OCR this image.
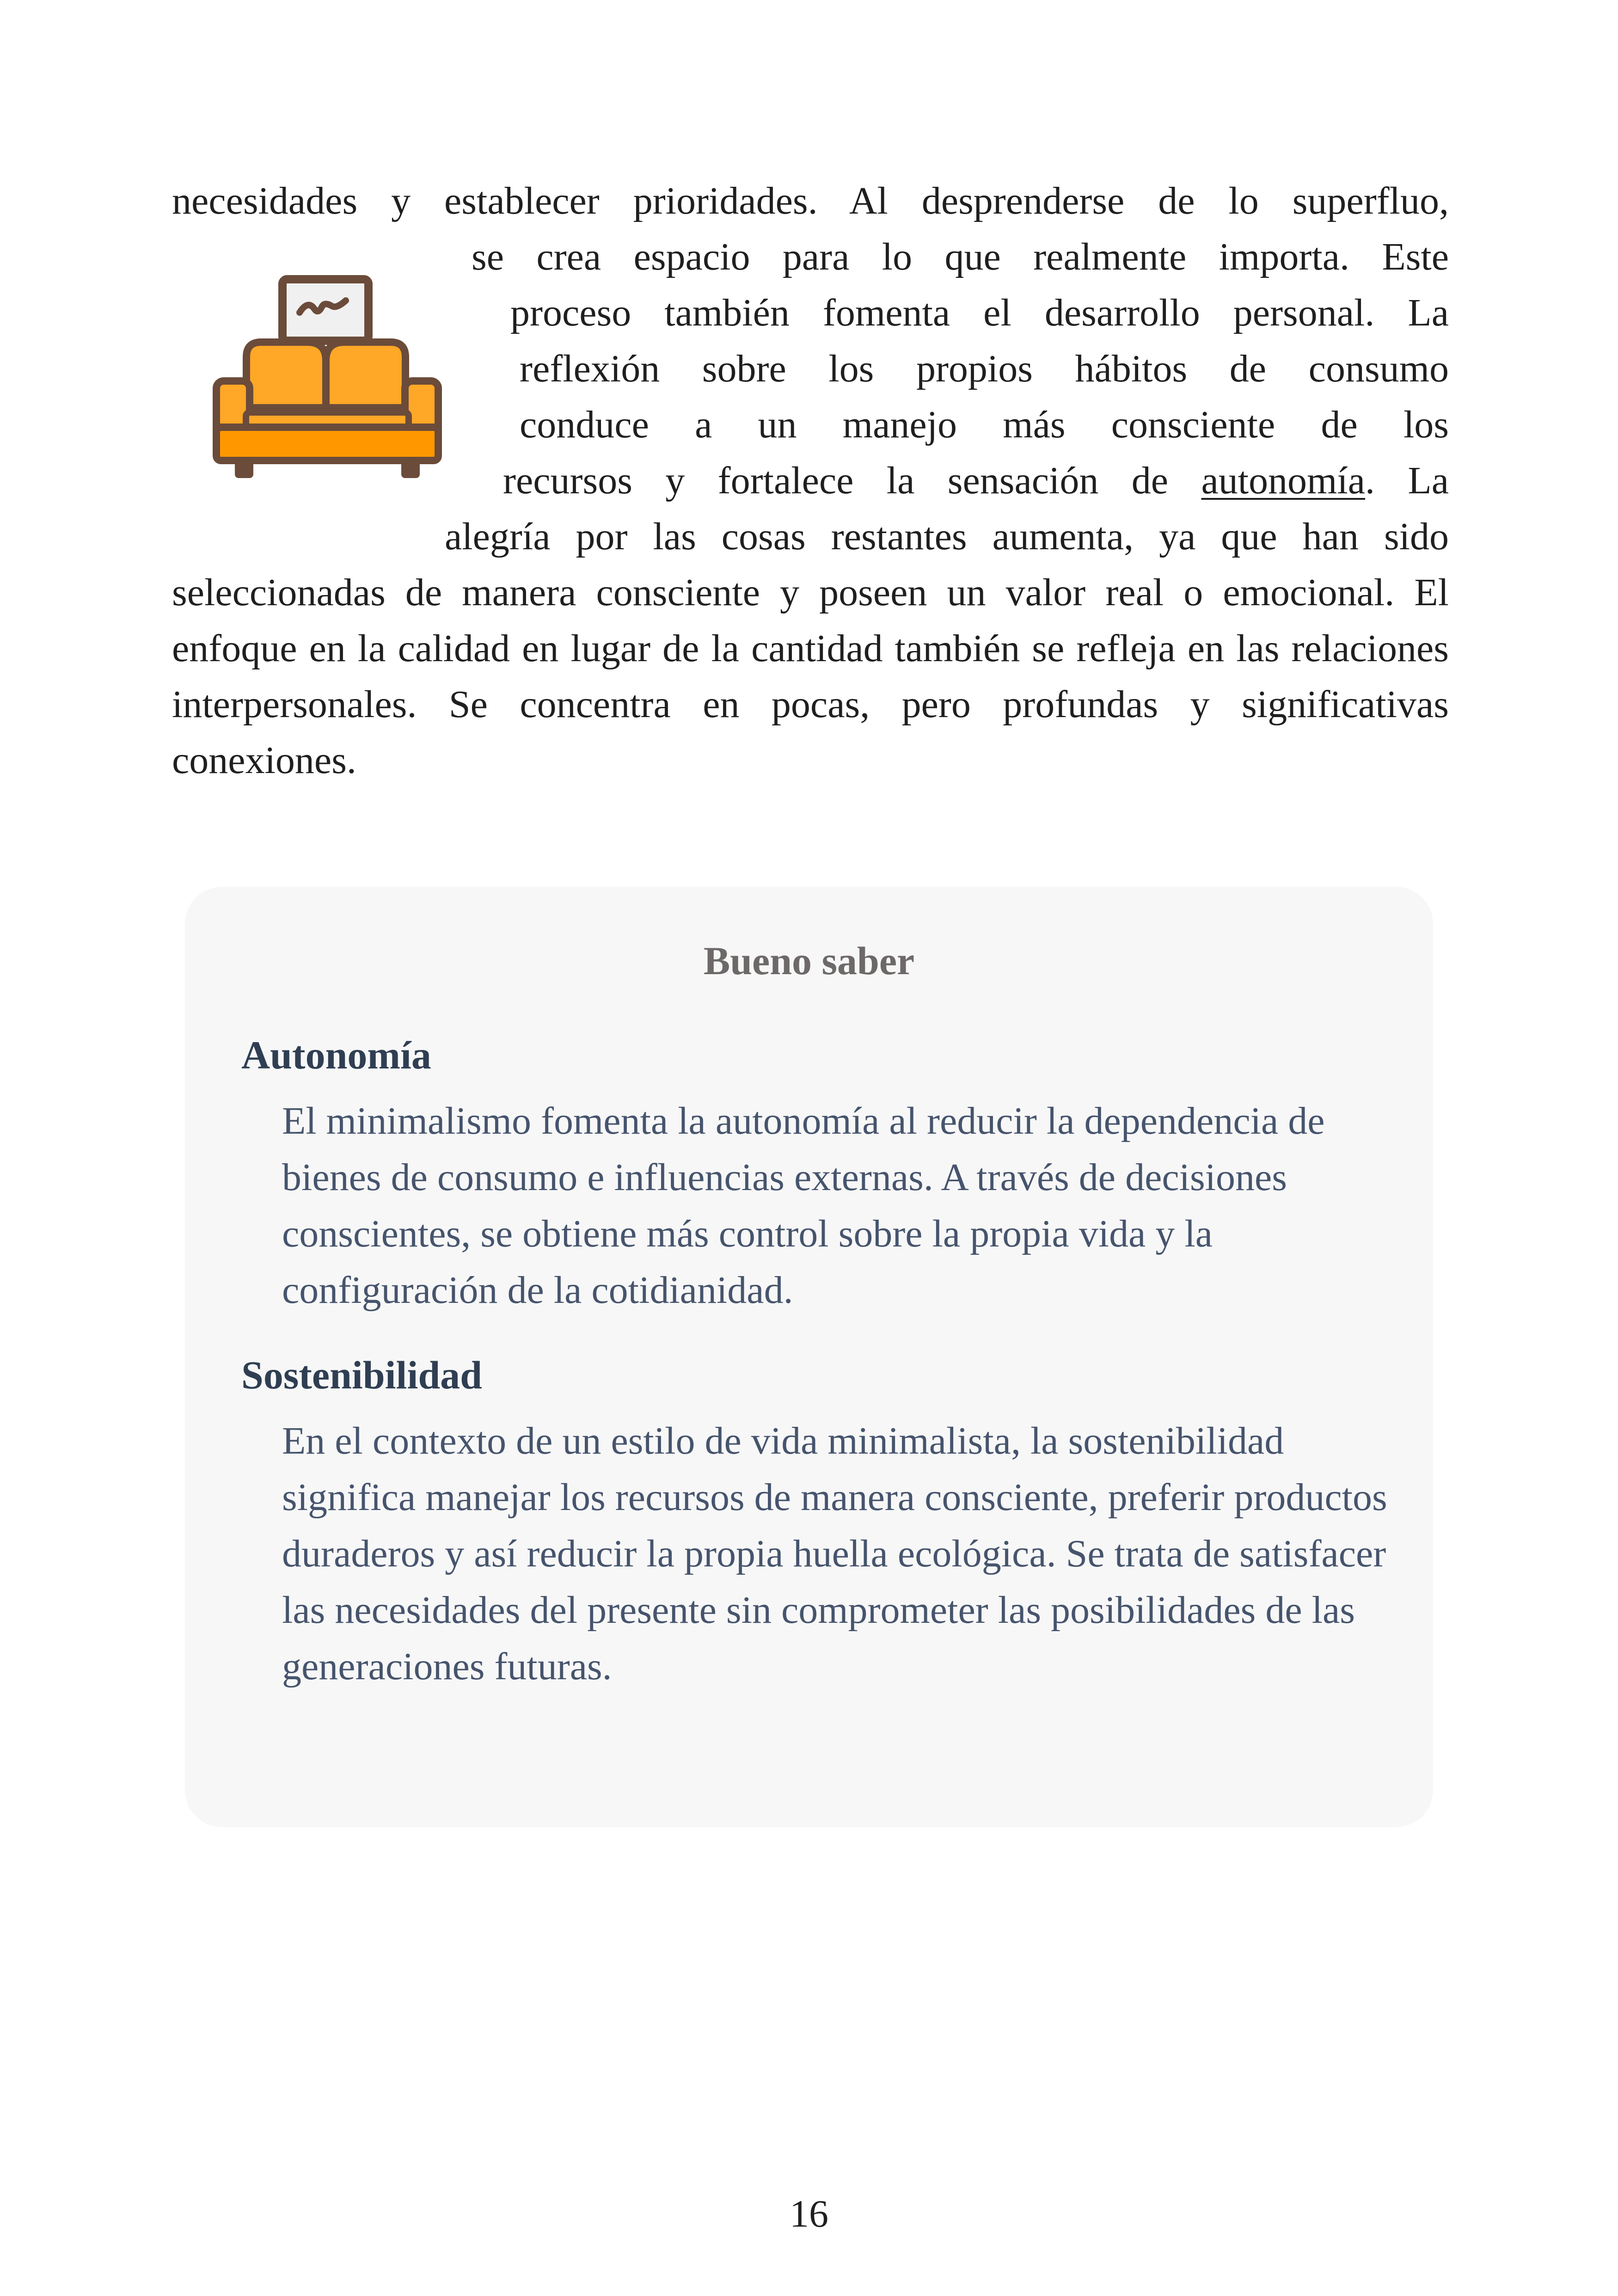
necesidades y establecer prioridades. Al desprenderse de lo superfluo,
se crea espacio para lo que realmente importa. Este
proceso también fomenta el desarrollo personal. La
reflexión sobre los propios hábitos de consumo
conduce a un manejo más consciente de los
recursos y fortalece la sensación de autonomía. La
alegría por las cosas restantes aumenta, ya que han sido
seleccionadas de manera consciente y poseen un valor real o emocional. El enfoque en la calidad en lugar de la cantidad también se refleja en las relaciones interpersonales. Se concentra en pocas, pero profundas y significativas conexiones.

Bueno saber
Autonomía

El minimalismo fomenta la autonomía al reducir la dependencia de bienes de consumo e influencias externas. A través de decisiones conscientes, se obtiene más control sobre la propia vida y la configuración de la cotidianidad.

Sostenibilidad

En el contexto de un estilo de vida minimalista, la sostenibilidad significa manejar los recursos de manera consciente, preferir productos duraderos y así reducir la propia huella ecológica. Se trata de satisfacer las necesidades del presente sin comprometer las posibilidades de las generaciones futuras.

16
